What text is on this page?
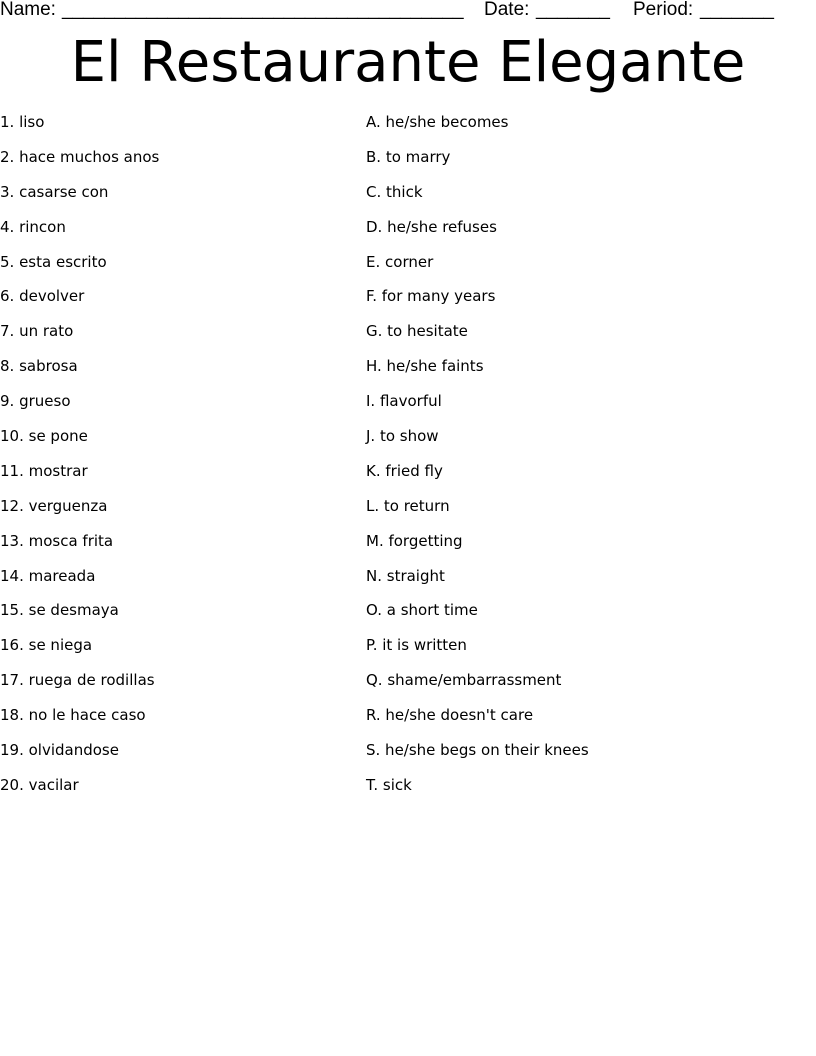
Name: ______________________________________ Date: _______ Period: _______
El Restaurante Elegante
1. liso
2. hace muchos anos
3. casarse con
4. rincon
5. esta escrito
6. devolver
7. un rato
8. sabrosa
9. grueso
10. se pone
11. mostrar
12. verguenza
13. mosca frita
14. mareada
15. se desmaya
16. se niega
17. ruega de rodillas
18. no le hace caso
19. olvidandose
20. vacilar
A. he/she becomes
B. to marry
C. thick
D. he/she refuses
E. corner
F. for many years
G. to hesitate
H. he/she faints
I. flavorful
J. to show
K. fried fly
L. to return
M. forgetting
N. straight
O. a short time
P. it is written
Q. shame/embarrassment
R. he/she doesn't care
S. he/she begs on their knees
T. sick
